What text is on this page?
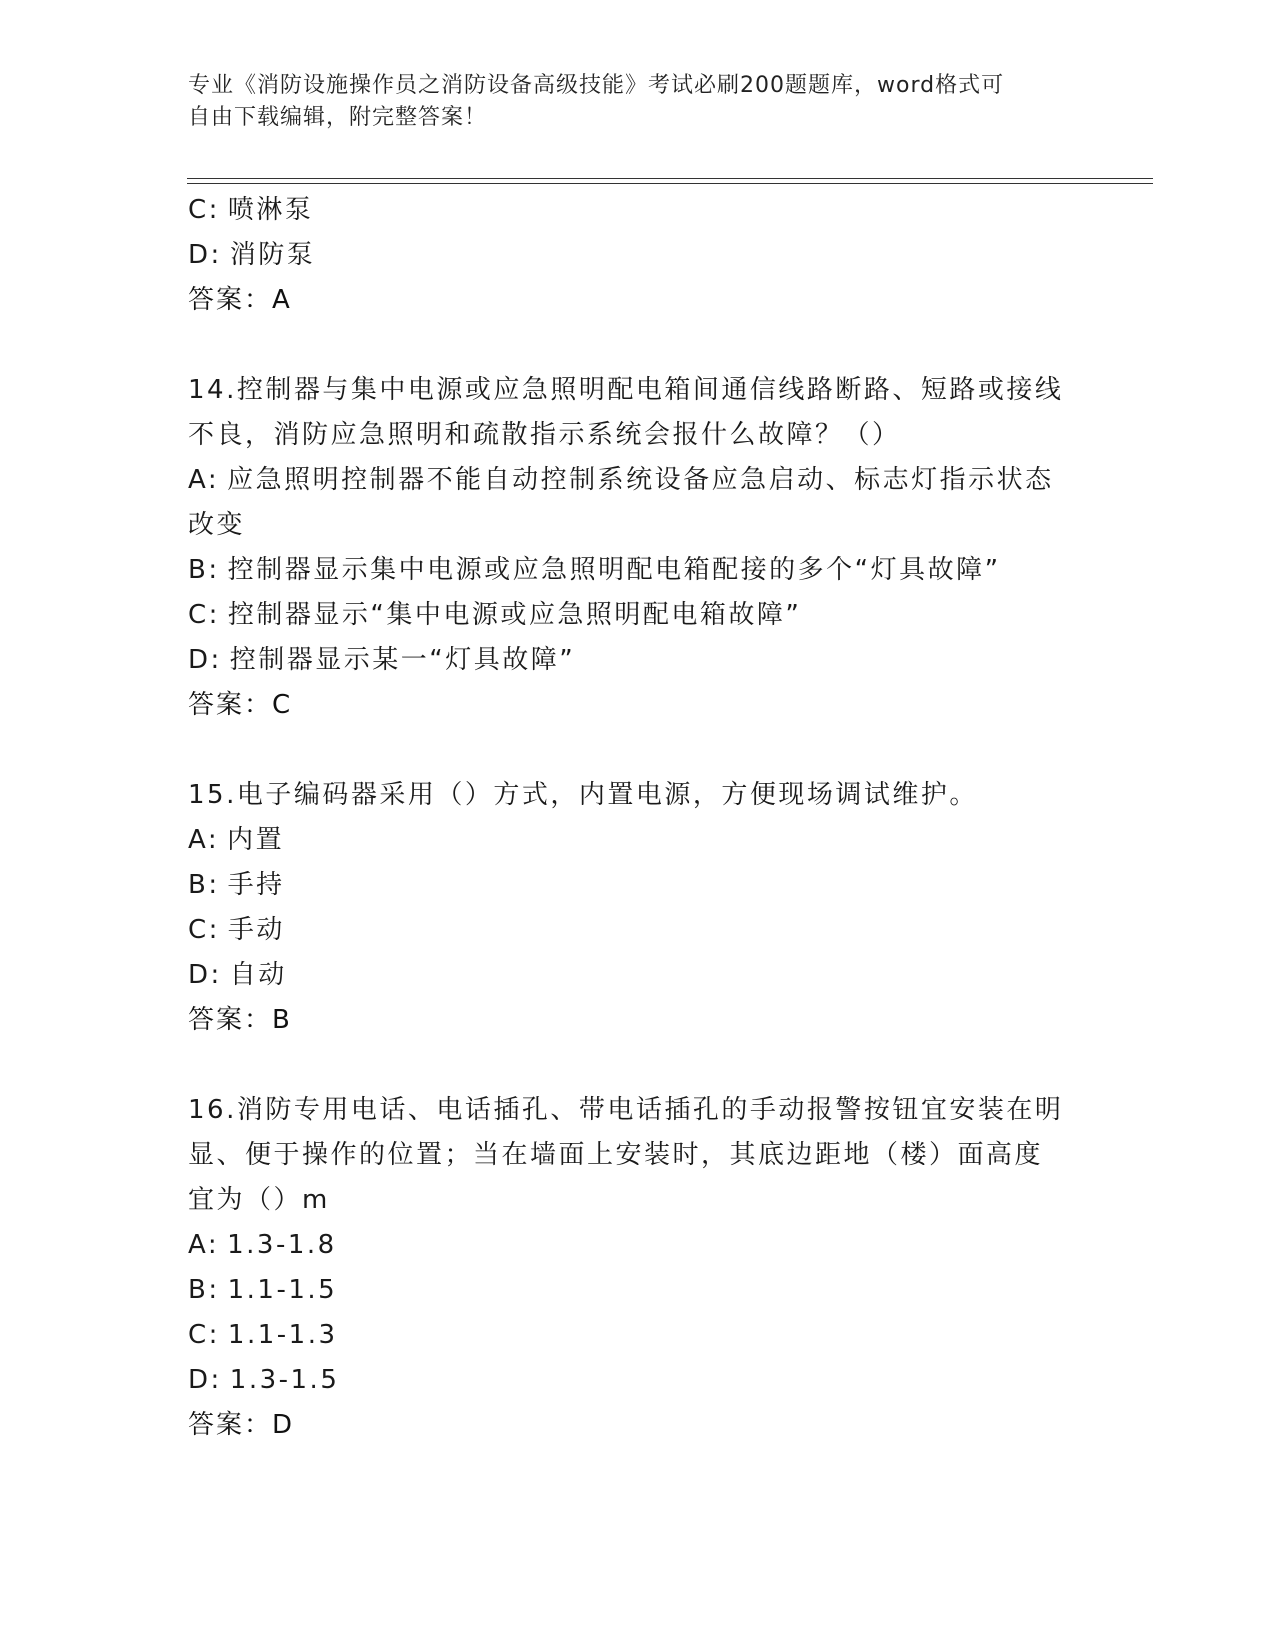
专业《消防设施操作员之消防设备高级技能》考试必刷200题题库，word格式可
自由下载编辑，附完整答案！
C: 喷淋泵
D: 消防泵
答案：A
14.控制器与集中电源或应急照明配电箱间通信线路断路、短路或接线
不良，消防应急照明和疏散指示系统会报什么故障？（）
A: 应急照明控制器不能自动控制系统设备应急启动、标志灯指示状态
改变
B: 控制器显示集中电源或应急照明配电箱配接的多个“灯具故障”
C: 控制器显示“集中电源或应急照明配电箱故障”
D: 控制器显示某一“灯具故障”
答案：C
15.电子编码器采用（）方式，内置电源，方便现场调试维护。
A: 内置
B: 手持
C: 手动
D: 自动
答案：B
16.消防专用电话、电话插孔、带电话插孔的手动报警按钮宜安装在明
显、便于操作的位置；当在墙面上安装时，其底边距地（楼）面高度
宜为（）m
A: 1.3-1.8
B: 1.1-1.5
C: 1.1-1.3
D: 1.3-1.5
答案：D
